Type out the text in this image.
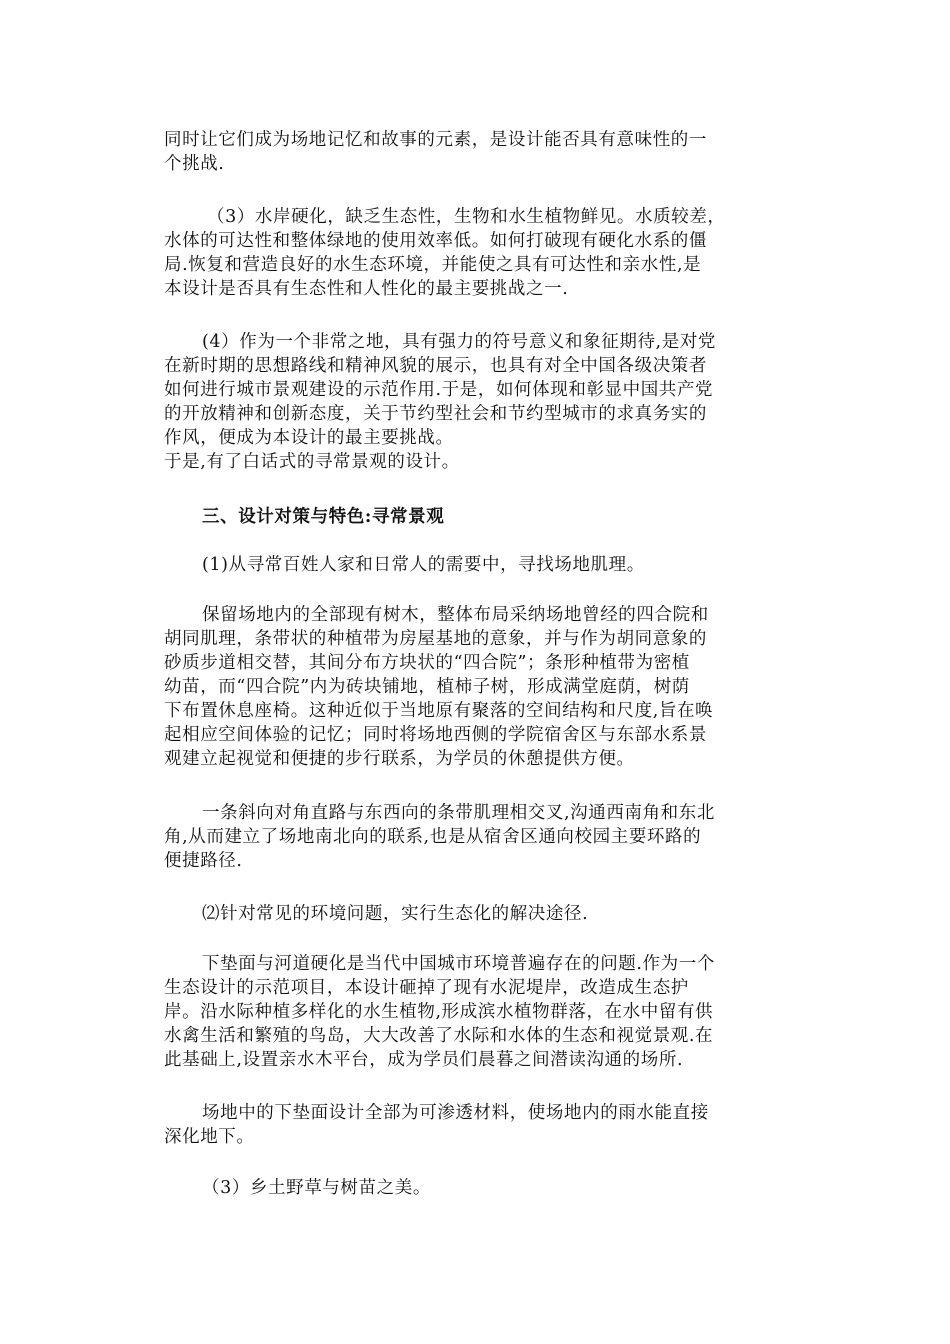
同时让它们成为场地记忆和故事的元素，是设计能否具有意味性的一
个挑战.
（3）水岸硬化，缺乏生态性，生物和水生植物鲜见。水质较差，
水体的可达性和整体绿地的使用效率低。如何打破现有硬化水系的僵
局.恢复和营造良好的水生态环境，并能使之具有可达性和亲水性,是
本设计是否具有生态性和人性化的最主要挑战之一.
(4）作为一个非常之地，具有强力的符号意义和象征期待,是对党
在新时期的思想路线和精神风貌的展示，也具有对全中国各级决策者
如何进行城市景观建设的示范作用.于是，如何体现和彰显中国共产党
的开放精神和创新态度，关于节约型社会和节约型城市的求真务实的
作风，便成为本设计的最主要挑战。
于是,有了白话式的寻常景观的设计。
三、设计对策与特色:寻常景观
(1)从寻常百姓人家和日常人的需要中，寻找场地肌理。
保留场地内的全部现有树木，整体布局采纳场地曾经的四合院和
胡同肌理，条带状的种植带为房屋基地的意象，并与作为胡同意象的
砂质步道相交替，其间分布方块状的“四合院”；条形种植带为密植
幼苗，而“四合院”内为砖块铺地，植柿子树，形成满堂庭荫，树荫
下布置休息座椅。这种近似于当地原有聚落的空间结构和尺度,旨在唤
起相应空间体验的记忆；同时将场地西侧的学院宿舍区与东部水系景
观建立起视觉和便捷的步行联系，为学员的休憩提供方便。
一条斜向对角直路与东西向的条带肌理相交叉,沟通西南角和东北
角,从而建立了场地南北向的联系,也是从宿舍区通向校园主要环路的
便捷路径.
⑵针对常见的环境问题，实行生态化的解决途径.
下垫面与河道硬化是当代中国城市环境普遍存在的问题.作为一个
生态设计的示范项目，本设计砸掉了现有水泥堤岸，改造成生态护
岸。沿水际种植多样化的水生植物,形成滨水植物群落，在水中留有供
水禽生活和繁殖的鸟岛，大大改善了水际和水体的生态和视觉景观.在
此基础上,设置亲水木平台，成为学员们晨暮之间潜读沟通的场所.
场地中的下垫面设计全部为可渗透材料，使场地内的雨水能直接
深化地下。
（3）乡土野草与树苗之美。
